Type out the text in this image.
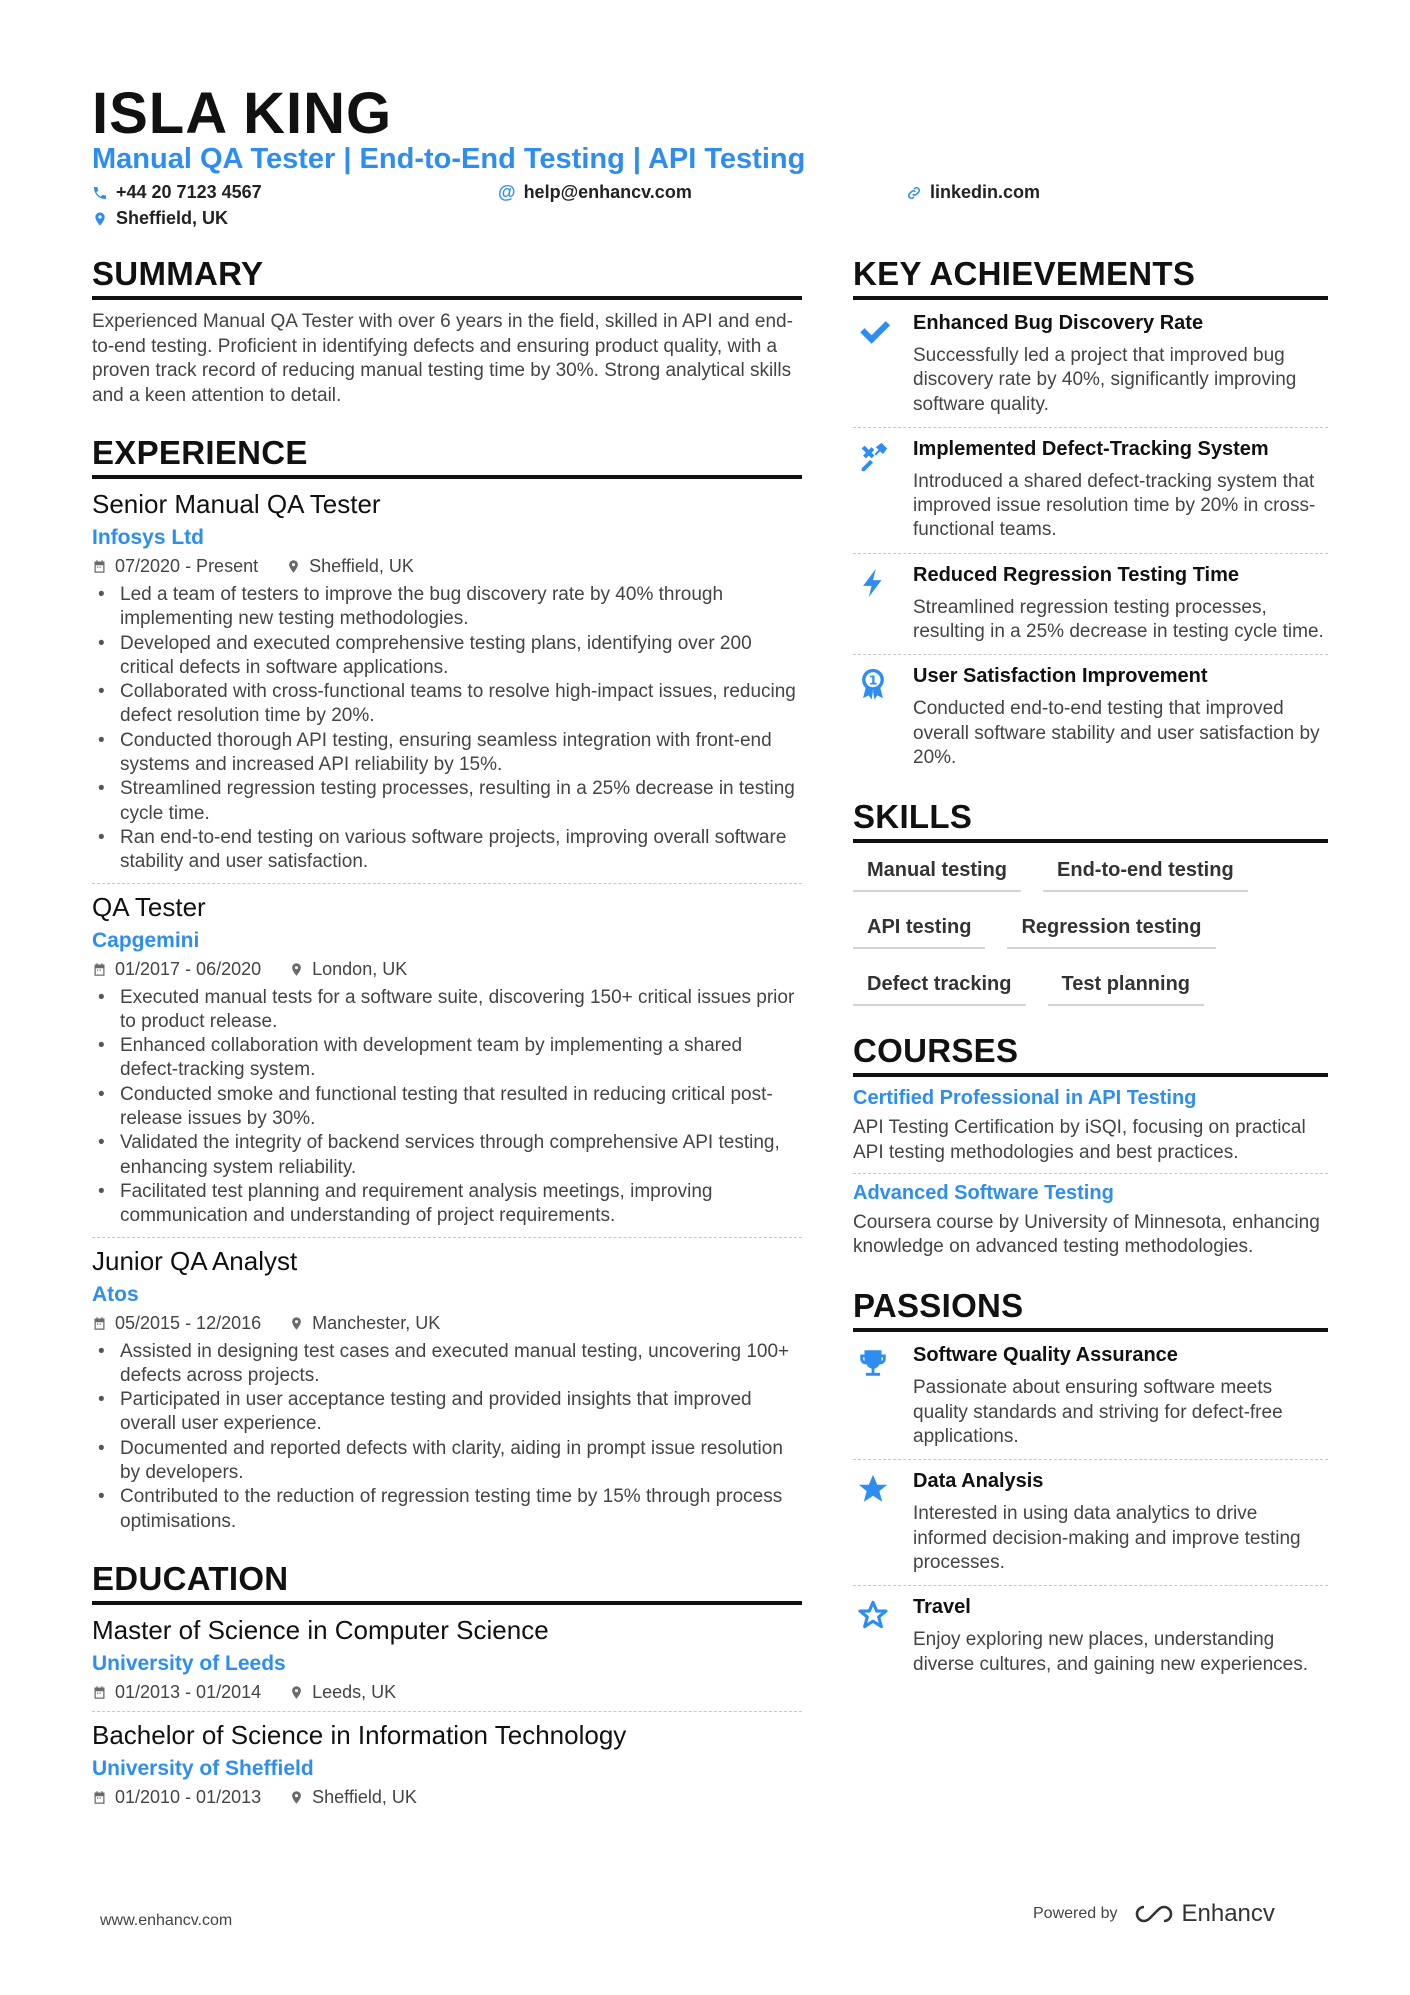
ISLA KING
Manual QA Tester | End-to-End Testing | API Testing
+44 20 7123 4567	@ help@enhancv.com	linkedin.com
Sheffield, UK
SUMMARY
Experienced Manual QA Tester with over 6 years in the field, skilled in API and end-to-end testing. Proficient in identifying defects and ensuring product quality, with a proven track record of reducing manual testing time by 30%. Strong analytical skills and a keen attention to detail.
EXPERIENCE
Senior Manual QA Tester
Infosys Ltd
07/2020 - Present	Sheffield, UK
• Led a team of testers to improve the bug discovery rate by 40% through implementing new testing methodologies.
• Developed and executed comprehensive testing plans, identifying over 200 critical defects in software applications.
• Collaborated with cross-functional teams to resolve high-impact issues, reducing defect resolution time by 20%.
• Conducted thorough API testing, ensuring seamless integration with front-end systems and increased API reliability by 15%.
• Streamlined regression testing processes, resulting in a 25% decrease in testing cycle time.
• Ran end-to-end testing on various software projects, improving overall software stability and user satisfaction.
QA Tester
Capgemini
01/2017 - 06/2020	London, UK
• Executed manual tests for a software suite, discovering 150+ critical issues prior to product release.
• Enhanced collaboration with development team by implementing a shared defect-tracking system.
• Conducted smoke and functional testing that resulted in reducing critical post-release issues by 30%.
• Validated the integrity of backend services through comprehensive API testing, enhancing system reliability.
• Facilitated test planning and requirement analysis meetings, improving communication and understanding of project requirements.
Junior QA Analyst
Atos
05/2015 - 12/2016	Manchester, UK
• Assisted in designing test cases and executed manual testing, uncovering 100+ defects across projects.
• Participated in user acceptance testing and provided insights that improved overall user experience.
• Documented and reported defects with clarity, aiding in prompt issue resolution by developers.
• Contributed to the reduction of regression testing time by 15% through process optimisations.
EDUCATION
Master of Science in Computer Science
University of Leeds
01/2013 - 01/2014	Leeds, UK
Bachelor of Science in Information Technology
University of Sheffield
01/2010 - 01/2013	Sheffield, UK
KEY ACHIEVEMENTS
Enhanced Bug Discovery Rate
Successfully led a project that improved bug discovery rate by 40%, significantly improving software quality.
Implemented Defect-Tracking System
Introduced a shared defect-tracking system that improved issue resolution time by 20% in cross-functional teams.
Reduced Regression Testing Time
Streamlined regression testing processes, resulting in a 25% decrease in testing cycle time.
1 User Satisfaction Improvement
Conducted end-to-end testing that improved overall software stability and user satisfaction by 20%.
SKILLS
Manual testing	End-to-end testing
API testing	Regression testing
Defect tracking	Test planning
COURSES
Certified Professional in API Testing
API Testing Certification by iSQI, focusing on practical API testing methodologies and best practices.
Advanced Software Testing
Coursera course by University of Minnesota, enhancing knowledge on advanced testing methodologies.
PASSIONS
Software Quality Assurance
Passionate about ensuring software meets quality standards and striving for defect-free applications.
Data Analysis
Interested in using data analytics to drive informed decision-making and improve testing processes.
Travel
Enjoy exploring new places, understanding diverse cultures, and gaining new experiences.
www.enhancv.com	Powered by	Enhancv
